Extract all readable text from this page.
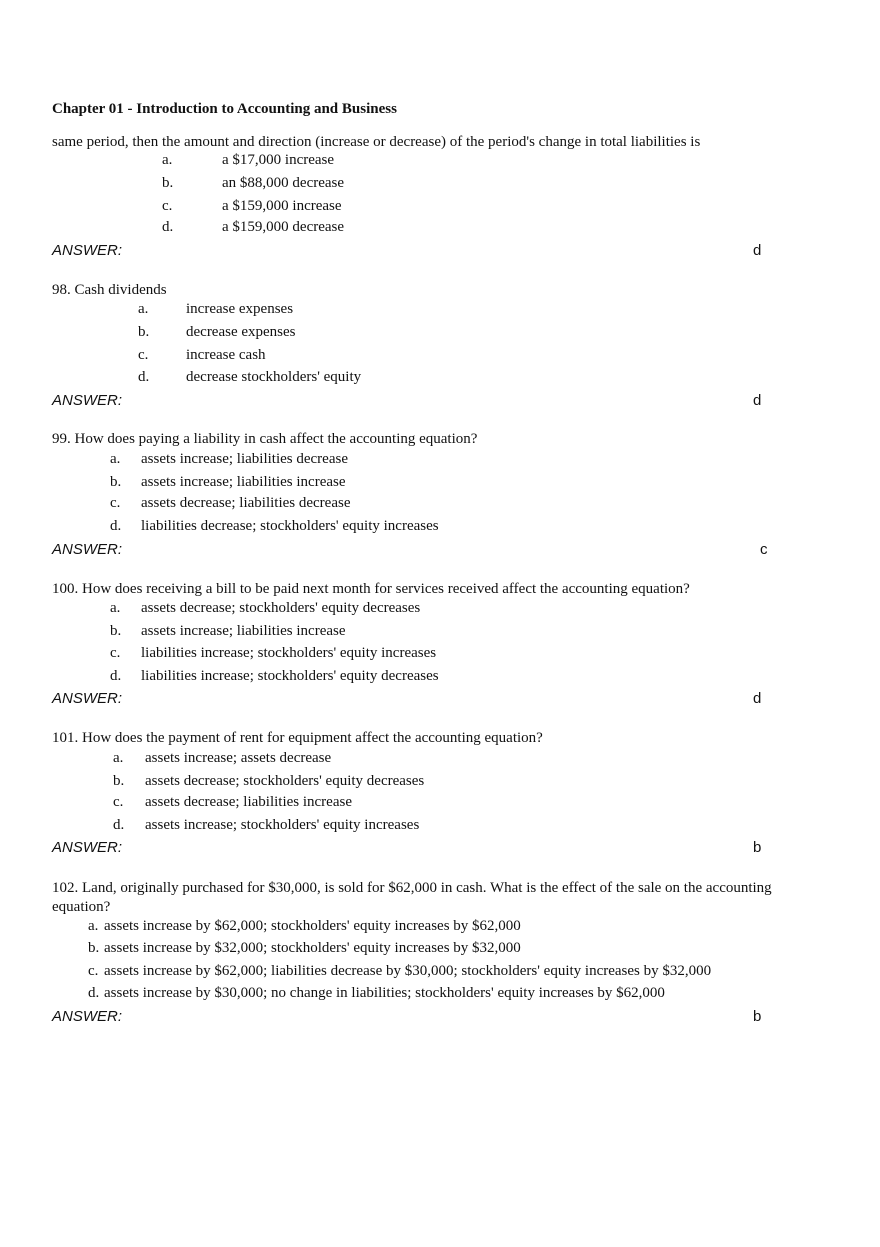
Chapter 01 - Introduction to Accounting and Business
same period, then the amount and direction (increase or decrease) of the period's change in total liabilities is
a.	a $17,000 increase
b.	an $88,000 decrease
c.	a $159,000 increase
d.	a $159,000 decrease
ANSWER:	d
98. Cash dividends
a.	increase expenses
b. decrease expenses
c.	increase cash
d. decrease stockholders' equity
ANSWER:	d
99. How does paying a liability in cash affect the accounting equation?
a. assets increase; liabilities decrease
b. assets increase; liabilities increase
c. assets decrease; liabilities decrease
d. liabilities decrease; stockholders' equity increases
ANSWER:	c
100. How does receiving a bill to be paid next month for services received affect the accounting equation?
a. assets decrease; stockholders' equity decreases
b. assets increase; liabilities increase
c. liabilities increase; stockholders' equity increases
d. liabilities increase; stockholders' equity decreases
ANSWER:	d
101. How does the payment of rent for equipment affect the accounting equation?
a. assets increase; assets decrease
b. assets decrease; stockholders' equity decreases
c. assets decrease; liabilities increase
d. assets increase; stockholders' equity increases
ANSWER:	b
102. Land, originally purchased for $30,000, is sold for $62,000 in cash. What is the effect of the sale on the accounting equation?
a. assets increase by $62,000; stockholders' equity increases by $62,000
b. assets increase by $32,000; stockholders' equity increases by $32,000
c. assets increase by $62,000; liabilities decrease by $30,000; stockholders' equity increases by $32,000
d. assets increase by $30,000; no change in liabilities; stockholders' equity increases by $62,000
ANSWER:	b
